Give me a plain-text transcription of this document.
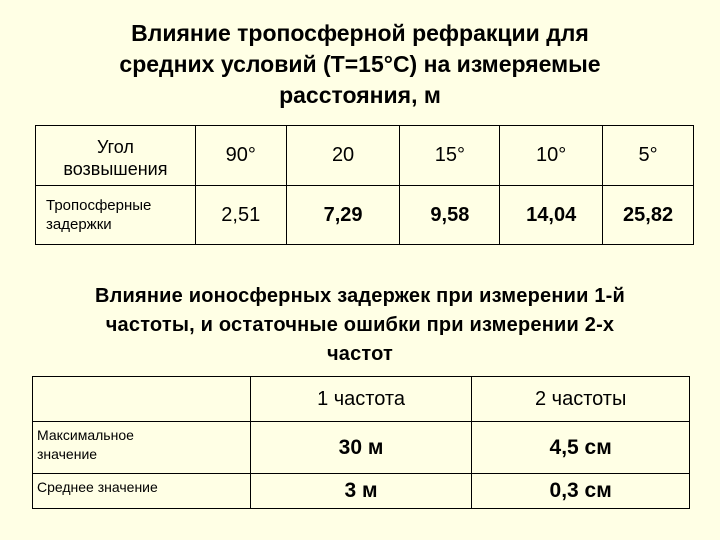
Влияние тропосферной рефракции для
средних условий (T=15°C) на измеряемые
расстояния, м
Угол
возвышения	90°	20	15°	10°	5°

Тропосферные
задержки	2,51	7,29	9,58	14,04	25,82
Влияние ионосферных задержек при измерении 1-й
частоты, и остаточные ошибки при измерении 2-х
частот
	1 частота	2 частоты

Максимальное
значение	30 м	4,5 см

Среднее значение	3 м	0,3 см
